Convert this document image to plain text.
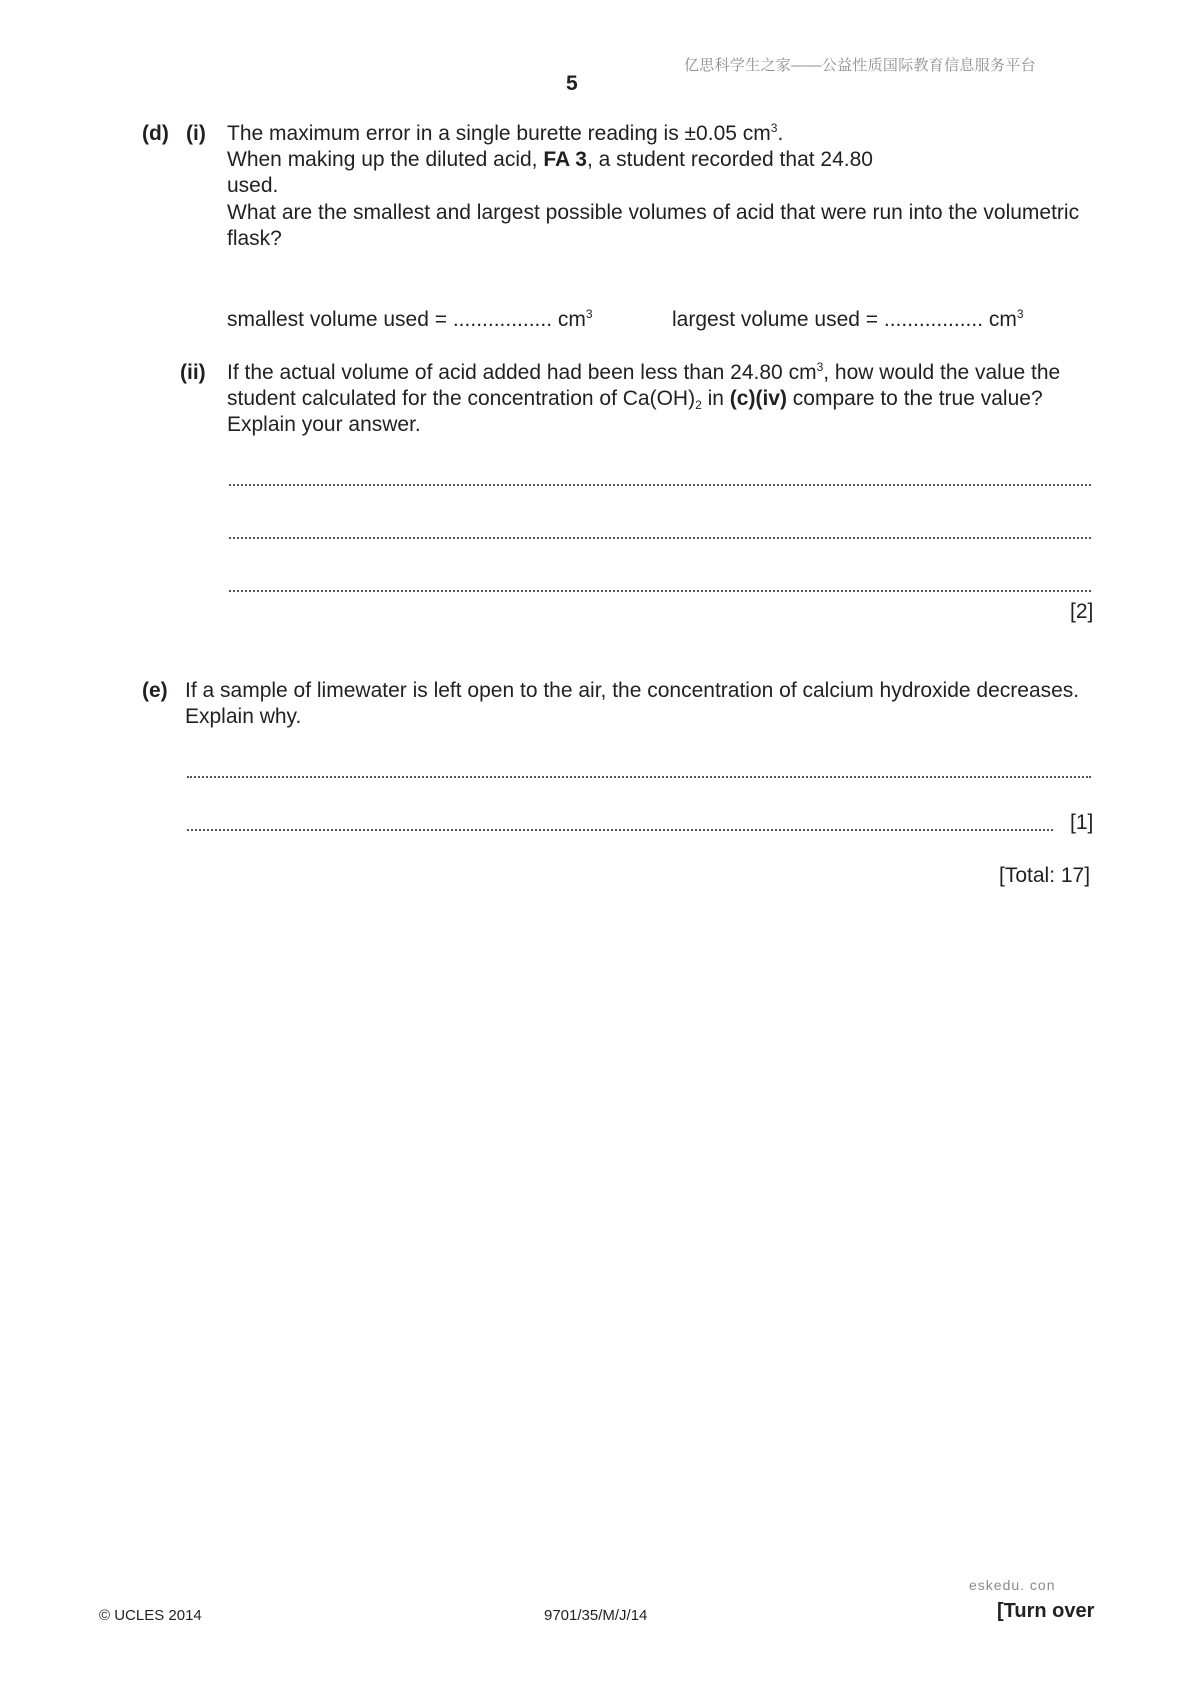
亿思科学生之家——公益性质国际教育信息服务平台
5
(d) (i) The maximum error in a single burette reading is ±0.05 $cm^3$.
When making up the diluted acid, FA 3, a student recorded that 24.80
used.
What are the smallest and largest possible volumes of acid that were run into the volumetric
flask?
smallest volume used = ................. $cm^3$	largest volume used = ................. $cm^3$
(ii) If the actual volume of acid added had been less than 24.80 $cm^3$, how would the value the
student calculated for the concentration of $Ca(OH)_2$ in (c)(iv) compare to the true value?
Explain your answer.
[2]
(e) If a sample of limewater is left open to the air, the concentration of calcium hydroxide decreases.
Explain why.
[1]
[Total: 17]
eskedu. con
© UCLES 2014	9701/35/M/J/14	[Turn over
